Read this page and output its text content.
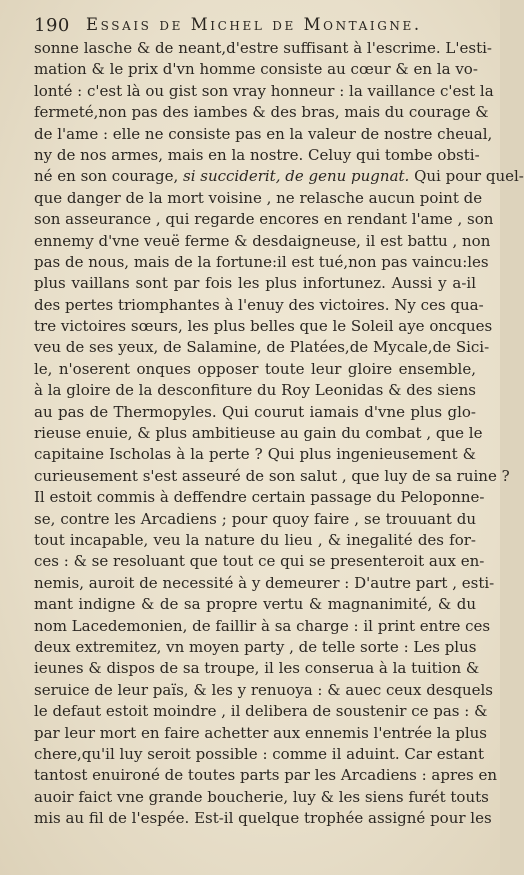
190 Essais de Michel de Montaigne.
sonne lasche & de neant,d'estre suffisant à l'escrime. L'esti-
mation & le prix d'vn homme consiste au cœur & en la vo-
lonté : c'est là ou gist son vray honneur : la vaillance c'est la
fermeté,non pas des iambes & des bras, mais du courage &
de l'ame : elle ne consiste pas en la valeur de nostre cheual,
ny de nos armes, mais en la nostre. Celuy qui tombe obsti-
né en son courage, si succiderit, de genu pugnat. Qui pour quel-
que danger de la mort voisine , ne relasche aucun point de
son asseurance , qui regarde encores en rendant l'ame , son
ennemy d'vne veuë ferme & desdaigneuse, il est battu , non
pas de nous, mais de la fortune:il est tué,non pas vaincu:les
plus vaillans sont par fois les plus infortunez. Aussi y a-il
des pertes triomphantes à l'enuy des victoires. Ny ces qua-
tre victoires sœurs, les plus belles que le Soleil aye oncques
veu de ses yeux, de Salamine, de Platées,de Mycale,de Sici-
le, n'oserent onques opposer toute leur gloire ensemble,
à la gloire de la desconfiture du Roy Leonidas & des siens
au pas de Thermopyles. Qui courut iamais d'vne plus glo-
rieuse enuie, & plus ambitieuse au gain du combat , que le
capitaine Ischolas à la perte ? Qui plus ingenieusement &
curieusement s'est asseuré de son salut , que luy de sa ruine ?
Il estoit commis à deffendre certain passage du Peloponne-
se, contre les Arcadiens ; pour quoy faire , se trouuant du
tout incapable, veu la nature du lieu , & inegalité des for-
ces : & se resoluant que tout ce qui se presenteroit aux en-
nemis, auroit de necessité à y demeurer : D'autre part , esti-
mant indigne & de sa propre vertu & magnanimité, & du
nom Lacedemonien, de faillir à sa charge : il print entre ces
deux extremitez, vn moyen party , de telle sorte : Les plus
ieunes & dispos de sa troupe, il les conserua à la tuition &
seruice de leur païs, & les y renuoya : & auec ceux desquels
le defaut estoit moindre , il delibera de soustenir ce pas : &
par leur mort en faire achetter aux ennemis l'entrée la plus
chere,qu'il luy seroit possible : comme il aduint. Car estant
tantost enuironé de toutes parts par les Arcadiens : apres en
auoir faict vne grande boucherie, luy & les siens furét touts
mis au fil de l'espée. Est-il quelque trophée assigné pour les
